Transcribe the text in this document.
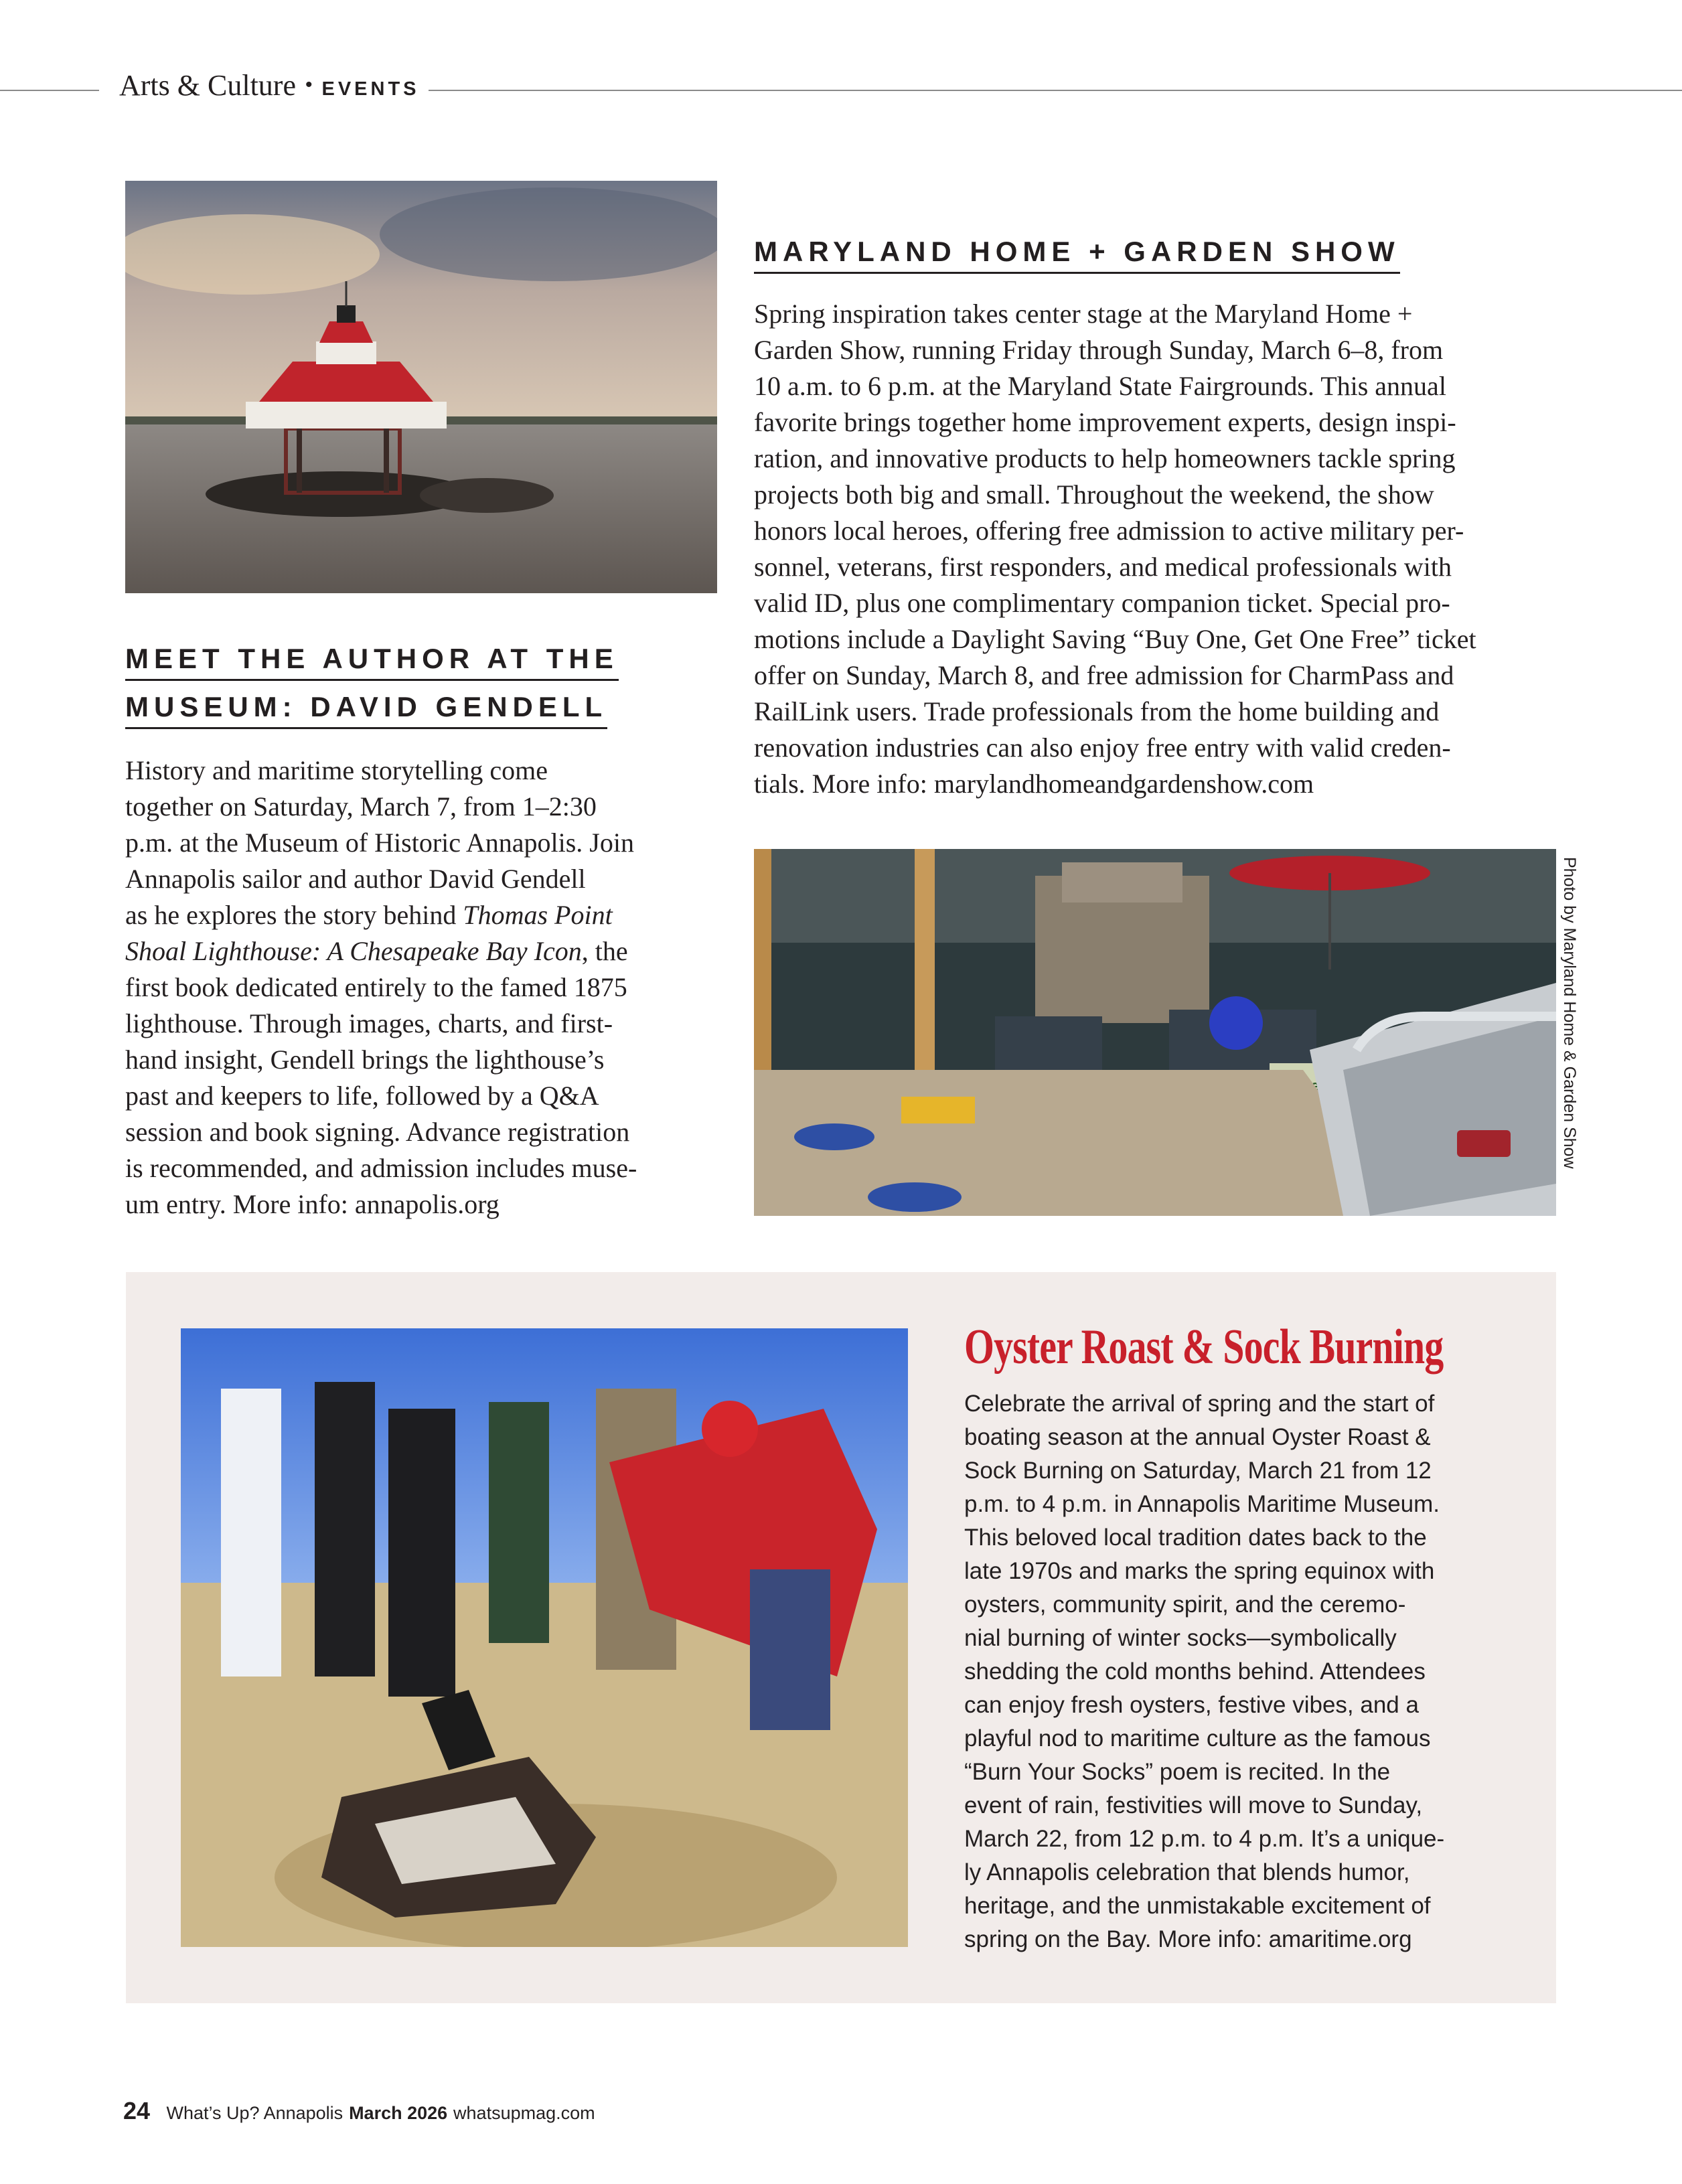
Arts & Culture • EVENTS
MEET THE AUTHOR AT THE
MUSEUM: DAVID GENDELL
History and maritime storytelling come
together on Saturday, March 7, from 1–2:30
p.m. at the Museum of Historic Annapolis. Join
Annapolis sailor and author David Gendell
as he explores the story behind Thomas Point
Shoal Lighthouse: A Chesapeake Bay Icon, the
first book dedicated entirely to the famed 1875
lighthouse. Through images, charts, and first-
hand insight, Gendell brings the lighthouse’s
past and keepers to life, followed by a Q&A
session and book signing. Advance registration
is recommended, and admission includes muse-
um entry. More info: annapolis.org
MARYLAND HOME + GARDEN SHOW
Spring inspiration takes center stage at the Maryland Home +
Garden Show, running Friday through Sunday, March 6–8, from
10 a.m. to 6 p.m. at the Maryland State Fairgrounds. This annual
favorite brings together home improvement experts, design inspi-
ration, and innovative products to help homeowners tackle spring
projects both big and small. Throughout the weekend, the show
honors local heroes, offering free admission to active military per-
sonnel, veterans, first responders, and medical professionals with
valid ID, plus one complimentary companion ticket. Special pro-
motions include a Daylight Saving “Buy One, Get One Free” ticket
offer on Sunday, March 8, and free admission for CharmPass and
RailLink users. Trade professionals from the home building and
renovation industries can also enjoy free entry with valid creden-
tials. More info: marylandhomeandgardenshow.com
Photo by Maryland Home & Garden Show
Oyster Roast & Sock Burning
Celebrate the arrival of spring and the start of
boating season at the annual Oyster Roast &
Sock Burning on Saturday, March 21 from 12
p.m. to 4 p.m. in Annapolis Maritime Museum.
This beloved local tradition dates back to the
late 1970s and marks the spring equinox with
oysters, community spirit, and the ceremo-
nial burning of winter socks—symbolically
shedding the cold months behind. Attendees
can enjoy fresh oysters, festive vibes, and a
playful nod to maritime culture as the famous
“Burn Your Socks” poem is recited. In the
event of rain, festivities will move to Sunday,
March 22, from 12 p.m. to 4 p.m. It’s a unique-
ly Annapolis celebration that blends humor,
heritage, and the unmistakable excitement of
spring on the Bay. More info: amaritime.org
24 What’s Up? Annapolis March 2026 whatsupmag.com
